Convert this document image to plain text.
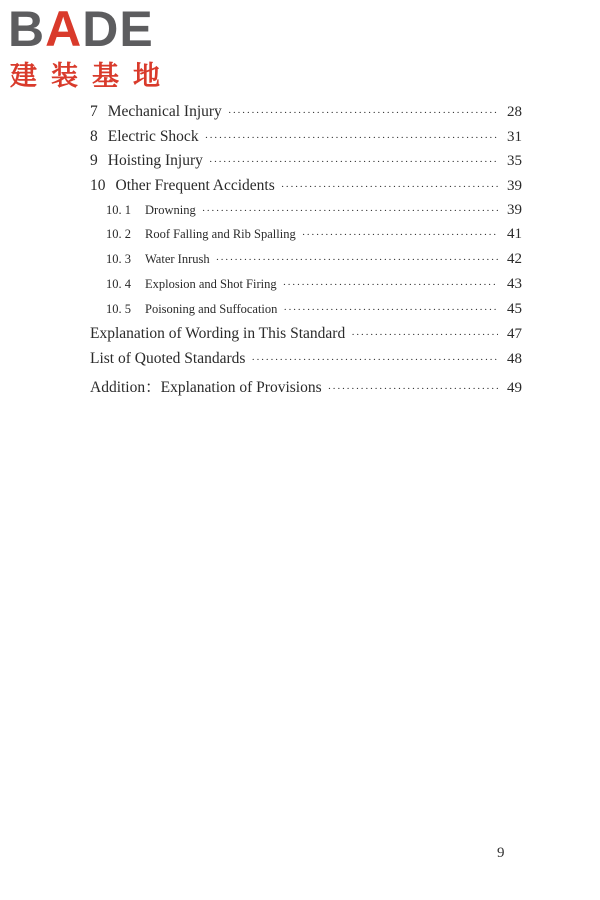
BADE
建装基地
7 Mechanical Injury ·····	28
8 Electric Shock ·····	31
9 Hoisting Injury ·····	35
10 Other Frequent Accidents ·····	39
10. 1 Drowning ·····	39
10. 2 Roof Falling and Rib Spalling ·····	41
10. 3 Water Inrush ·····	42
10. 4 Explosion and Shot Firing ·····	43
10. 5 Poisoning and Suffocation ·····	45
Explanation of Wording in This Standard ·····	47
List of Quoted Standards ·····	48
Addition：Explanation of Provisions ·····	49
9
